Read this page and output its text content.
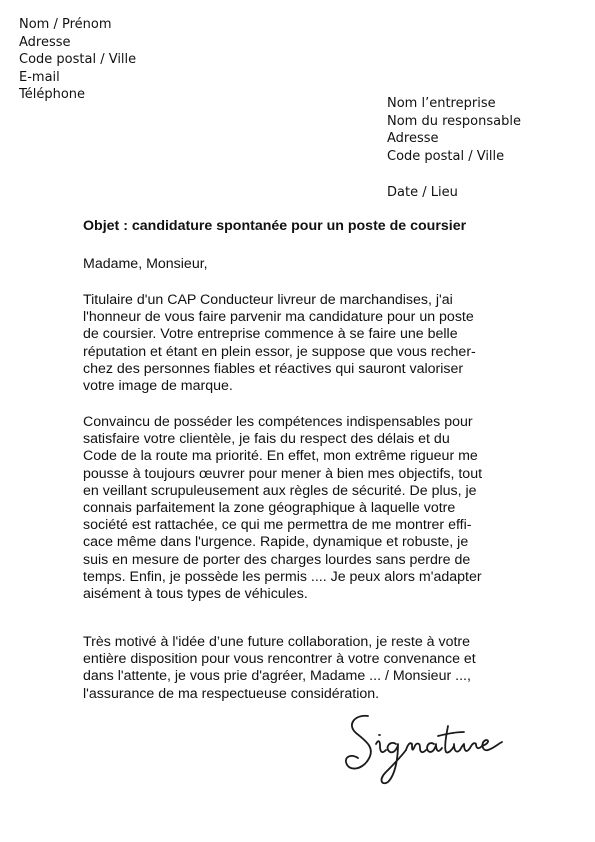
Nom / Prénom
Adresse
Code postal / Ville
E-mail
Téléphone
Nom l’entreprise
Nom du responsable
Adresse
Code postal / Ville
Date / Lieu
Objet : candidature spontanée pour un poste de coursier
Madame, Monsieur,
Titulaire d'un CAP Conducteur livreur de marchandises, j'ai
l'honneur de vous faire parvenir ma candidature pour un poste
de coursier. Votre entreprise commence à se faire une belle
réputation et étant en plein essor, je suppose que vous recher-
chez des personnes fiables et réactives qui sauront valoriser
votre image de marque.
Convaincu de posséder les compétences indispensables pour
satisfaire votre clientèle, je fais du respect des délais et du
Code de la route ma priorité. En effet, mon extrême rigueur me
pousse à toujours œuvrer pour mener à bien mes objectifs, tout
en veillant scrupuleusement aux règles de sécurité. De plus, je
connais parfaitement la zone géographique à laquelle votre
société est rattachée, ce qui me permettra de me montrer effi-
cace même dans l'urgence. Rapide, dynamique et robuste, je
suis en mesure de porter des charges lourdes sans perdre de
temps. Enfin, je possède les permis .... Je peux alors m'adapter
aisément à tous types de véhicules.
Très motivé à l'idée d’une future collaboration, je reste à votre
entière disposition pour vous rencontrer à votre convenance et
dans l'attente, je vous prie d'agréer, Madame ... / Monsieur ...,
l'assurance de ma respectueuse considération.
